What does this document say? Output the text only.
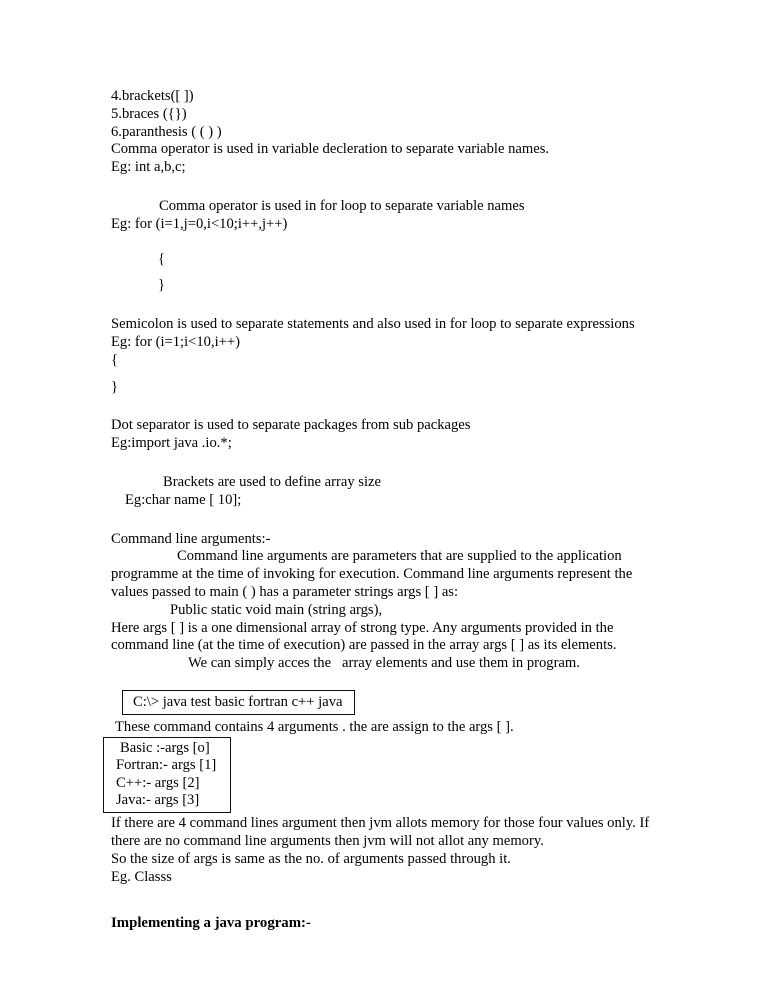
4.brackets([ ])
5.braces ({})
6.paranthesis ( ( ) )
Comma operator is used in variable decleration to separate variable names.
Eg: int a,b,c;
Comma operator is used in for loop to separate variable names
Eg: for (i=1,j=0,i<10;i++,j++)
{
}
Semicolon is used to separate statements and also used in for loop to separate expressions
Eg: for (i=1;i<10,i++)
{
}
Dot separator is used to separate packages from sub packages
Eg:import java .io.*;
Brackets are used to define array size
Eg:char name [ 10];
Command line arguments:-
Command line arguments are parameters that are supplied to the application programme at the time of invoking for execution. Command line arguments represent the values passed to main ( ) has a parameter strings args [ ] as:
Public static void main (string args),
Here args [ ] is a one dimensional array of strong type. Any arguments provided in the command line (at the time of execution) are passed in the array args [ ] as its elements.
We can simply acces the   array elements and use them in program.
C:\> java test basic fortran c++ java
These command contains 4 arguments . the are assign to the args [ ].
Basic :-args [o]
Fortran:- args [1]
C++:- args [2]
Java:- args [3]
If there are 4 command lines argument then jvm allots memory for those four values only. If there are no command line arguments then jvm will not allot any memory.
So the size of args is same as the no. of arguments passed through it.
Eg. Classs
Implementing a java program:-
